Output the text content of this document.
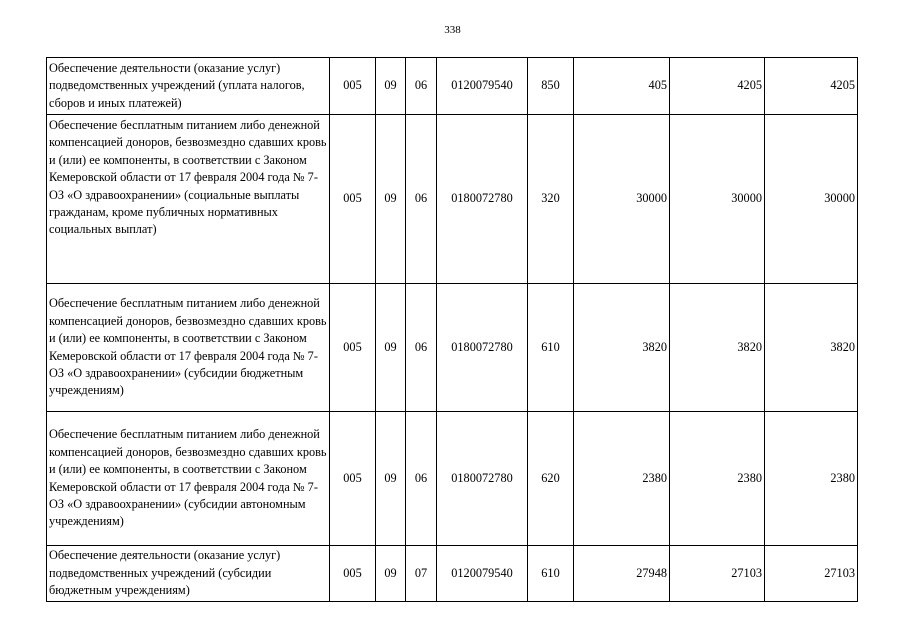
338
Обеспечение деятельности (оказание услуг) подведомственных учреждений (уплата налогов, сборов и иных платежей)	005	09	06	0120079540	850	405	4205	4205
Обеспечение бесплатным питанием либо денежной компенсацией доноров, безвозмездно сдавших кровь и (или) ее компоненты, в соответствии с Законом Кемеровской области от 17 февраля 2004 года № 7-ОЗ «О здравоохранении» (социальные выплаты гражданам, кроме публичных нормативных социальных выплат)	005	09	06	0180072780	320	30000	30000	30000
Обеспечение бесплатным питанием либо денежной компенсацией доноров, безвозмездно сдавших кровь и (или) ее компоненты, в соответствии с Законом Кемеровской области от 17 февраля 2004 года № 7-ОЗ «О здравоохранении» (субсидии бюджетным учреждениям)	005	09	06	0180072780	610	3820	3820	3820
Обеспечение бесплатным питанием либо денежной компенсацией доноров, безвозмездно сдавших кровь и (или) ее компоненты, в соответствии с Законом Кемеровской области от 17 февраля 2004 года № 7-ОЗ «О здравоохранении» (субсидии автономным учреждениям)	005	09	06	0180072780	620	2380	2380	2380
Обеспечение деятельности (оказание услуг) подведомственных учреждений (субсидии бюджетным учреждениям)	005	09	07	0120079540	610	27948	27103	27103
